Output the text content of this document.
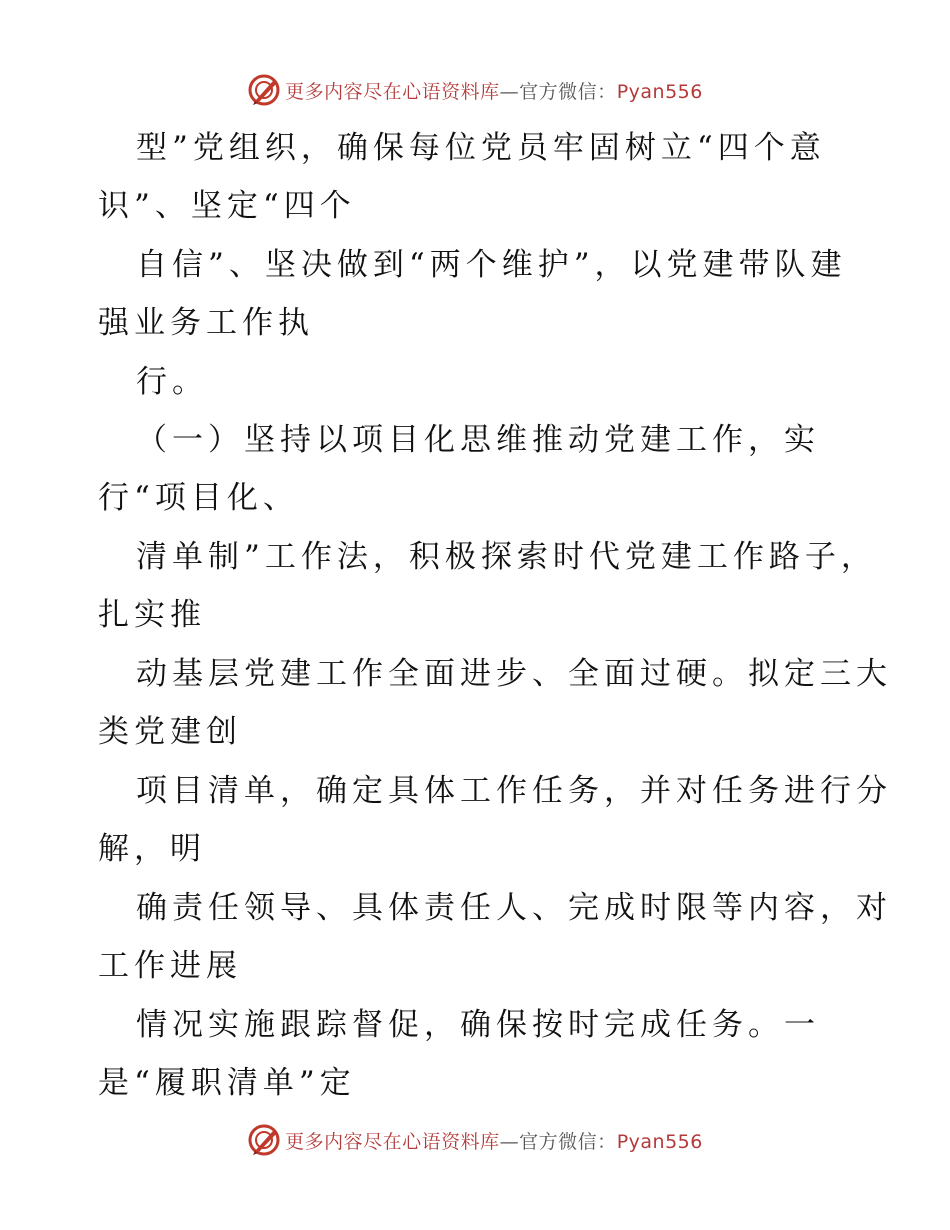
更多内容尽在心语资料库—官方微信：Pyan556
型”党组织，确保每位党员牢固树立“四个意
识”、坚定“四个
自信”、坚决做到“两个维护”，以党建带队建
强业务工作执
行。
（一）坚持以项目化思维推动党建工作，实
行“项目化、
清单制”工作法，积极探索时代党建工作路子，
扎实推
动基层党建工作全面进步、全面过硬。拟定三大
类党建创
项目清单，确定具体工作任务，并对任务进行分
解，明
确责任领导、具体责任人、完成时限等内容，对
工作进展
情况实施跟踪督促，确保按时完成任务。一
是“履职清单”定
更多内容尽在心语资料库—官方微信：Pyan556
